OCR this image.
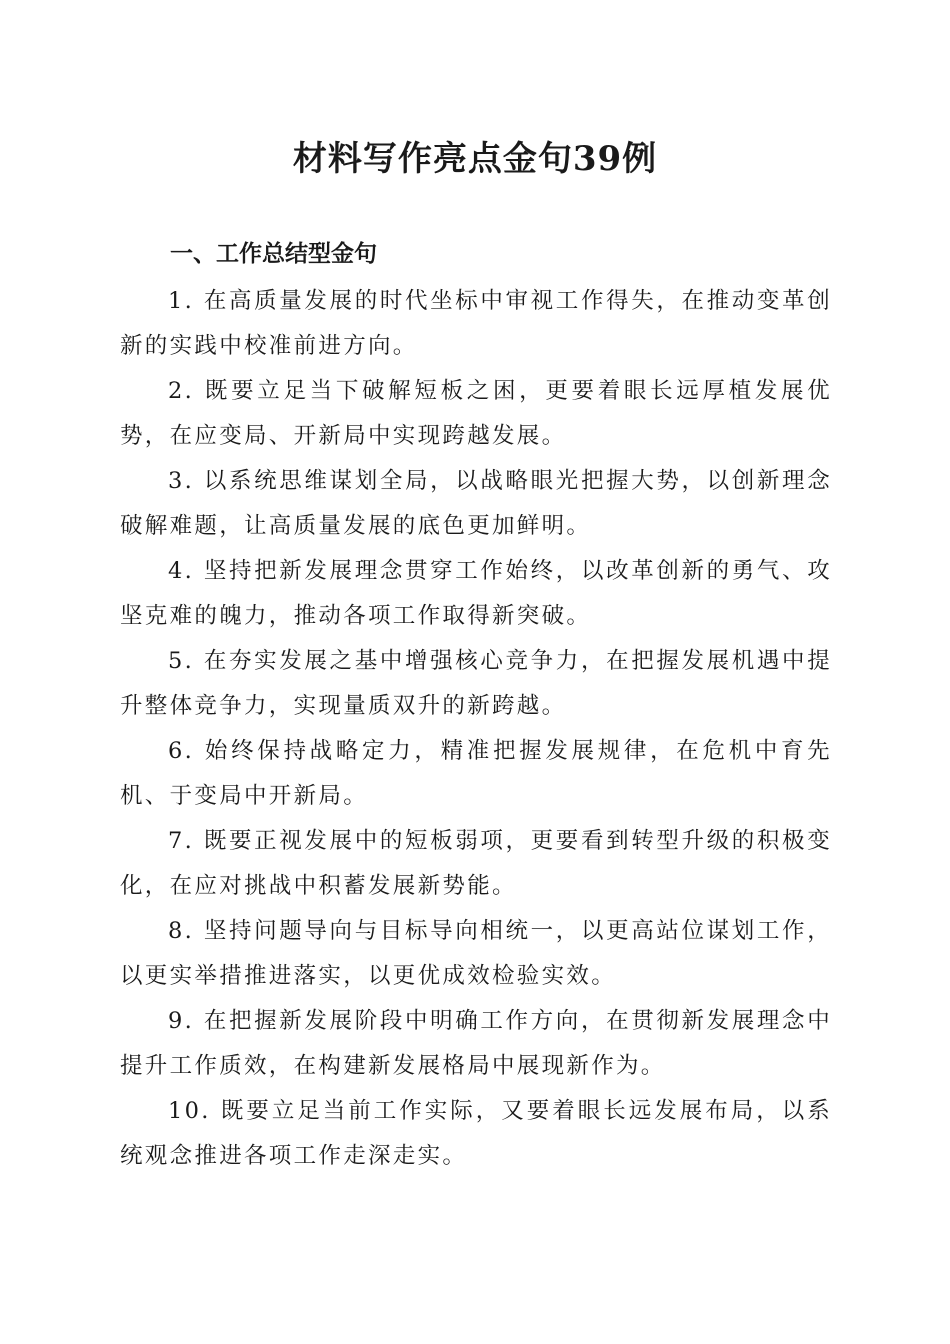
材料写作亮点金句39例
一、工作总结型金句
1. 在高质量发展的时代坐标中审视工作得失，在推动变革创新的实践中校准前进方向。
2. 既要立足当下破解短板之困，更要着眼长远厚植发展优势，在应变局、开新局中实现跨越发展。
3. 以系统思维谋划全局，以战略眼光把握大势，以创新理念破解难题，让高质量发展的底色更加鲜明。
4. 坚持把新发展理念贯穿工作始终，以改革创新的勇气、攻坚克难的魄力，推动各项工作取得新突破。
5. 在夯实发展之基中增强核心竞争力，在把握发展机遇中提升整体竞争力，实现量质双升的新跨越。
6. 始终保持战略定力，精准把握发展规律，在危机中育先机、于变局中开新局。
7. 既要正视发展中的短板弱项，更要看到转型升级的积极变化，在应对挑战中积蓄发展新势能。
8. 坚持问题导向与目标导向相统一，以更高站位谋划工作，以更实举措推进落实，以更优成效检验实效。
9. 在把握新发展阶段中明确工作方向，在贯彻新发展理念中提升工作质效，在构建新发展格局中展现新作为。
10. 既要立足当前工作实际，又要着眼长远发展布局，以系统观念推进各项工作走深走实。
